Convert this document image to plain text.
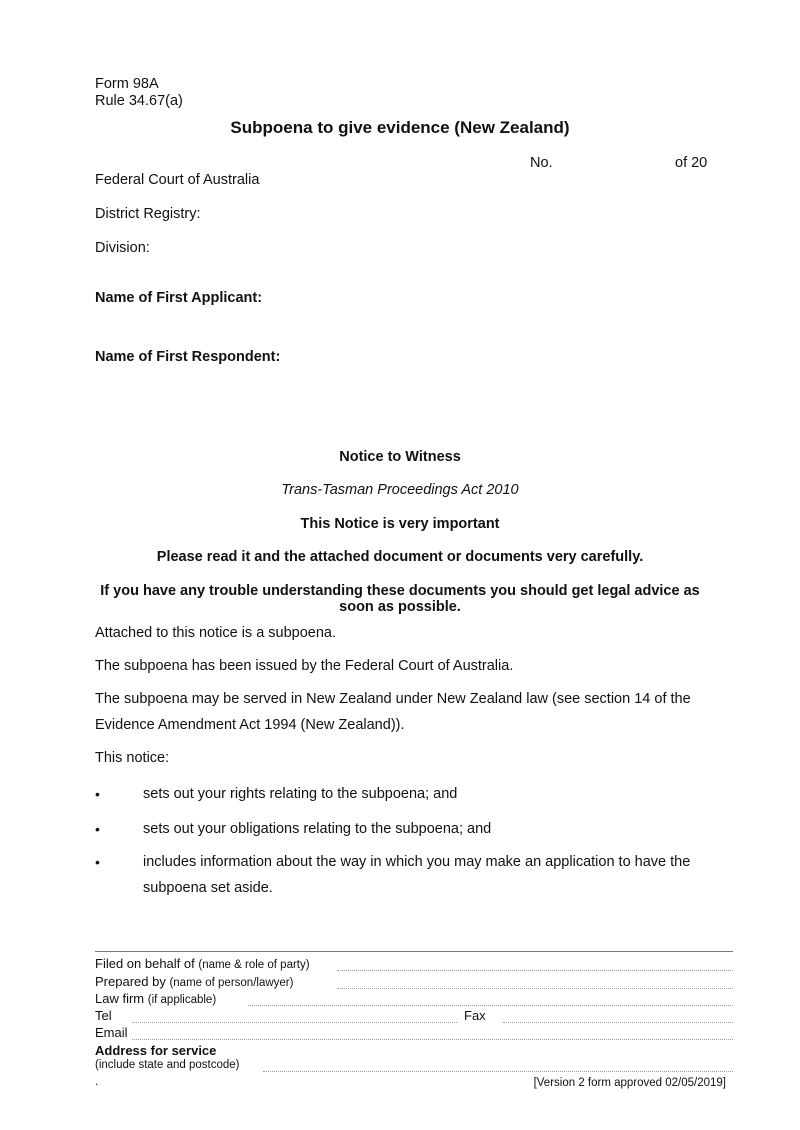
Form 98A
Rule 34.67(a)
Subpoena to give evidence (New Zealand)
No.	of 20
Federal Court of Australia
District Registry:
Division:
Name of First Applicant:
Name of First Respondent:
Notice to Witness
Trans-Tasman Proceedings Act 2010
This Notice is very important
Please read it and the attached document or documents very carefully.
If you have any trouble understanding these documents you should get legal advice as
soon as possible.
Attached to this notice is a subpoena.
The subpoena has been issued by the Federal Court of Australia.
The subpoena may be served in New Zealand under New Zealand law (see section 14 of the
Evidence Amendment Act 1994 (New Zealand)).
This notice:
•	sets out your rights relating to the subpoena; and
•	sets out your obligations relating to the subpoena; and
•	includes information about the way in which you may make an application to have the
subpoena set aside.
Filed on behalf of (name & role of party)
Prepared by (name of person/lawyer)
Law firm (if applicable)
Tel	Fax
Email
Address for service
(include state and postcode)
.	[Version 2 form approved 02/05/2019]
